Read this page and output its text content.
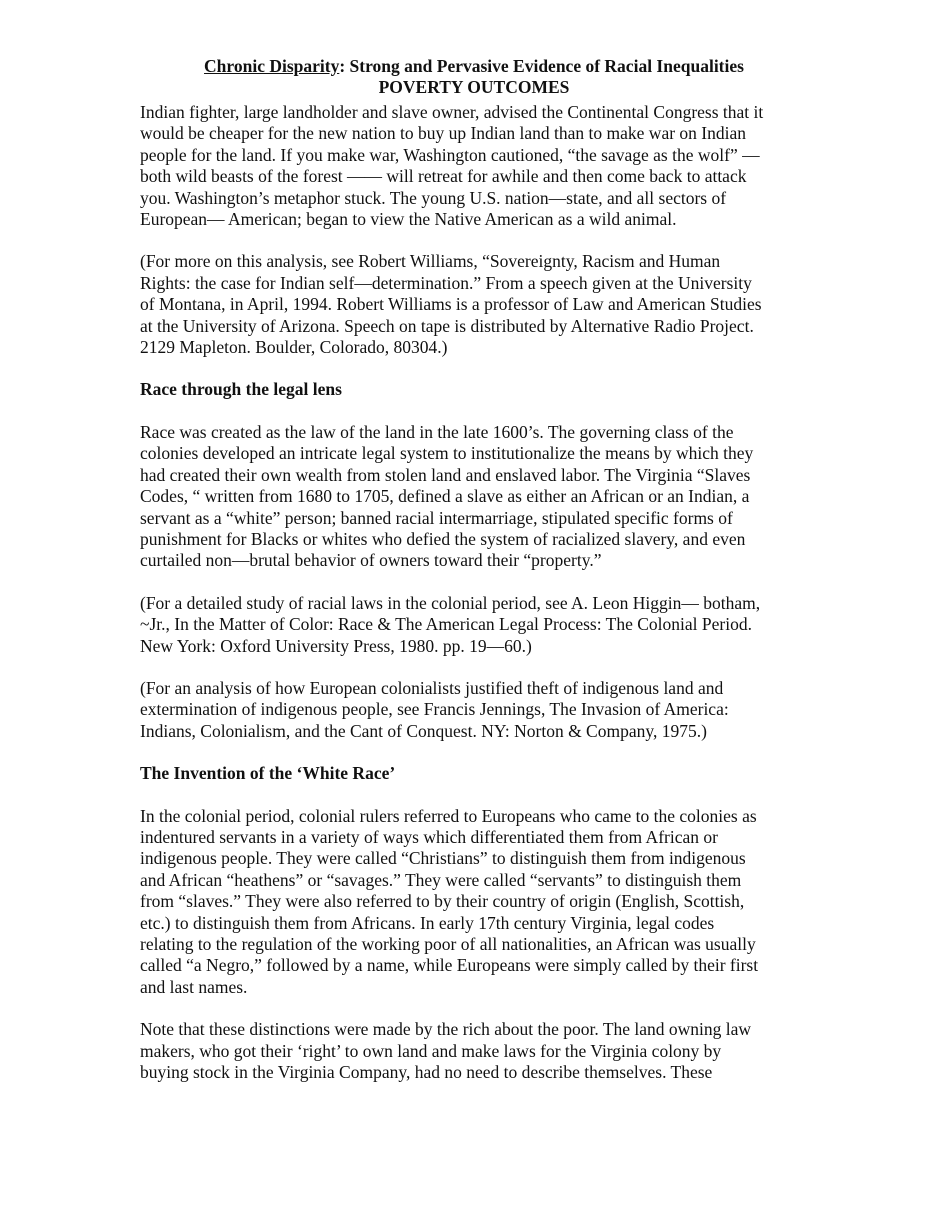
Chronic Disparity: Strong and Pervasive Evidence of Racial Inequalities
POVERTY OUTCOMES
Indian fighter, large landholder and slave owner, advised the Continental Congress that it
would be cheaper for the new nation to buy up Indian land than to make war on Indian
people for the land. If you make war, Washington cautioned, “the savage as the wolf” —
both wild beasts of the forest —— will retreat for awhile and then come back to attack
you. Washington’s metaphor stuck. The young U.S. nation—state, and all sectors of
European— American; began to view the Native American as a wild animal.
(For more on this analysis, see Robert Williams, “Sovereignty, Racism and Human
Rights: the case for Indian self—determination.” From a speech given at the University
of Montana, in April, 1994. Robert Williams is a professor of Law and American Studies
at the University of Arizona. Speech on tape is distributed by Alternative Radio Project.
2129 Mapleton. Boulder, Colorado, 80304.)
Race through the legal lens
Race was created as the law of the land in the late 1600’s. The governing class of the
colonies developed an intricate legal system to institutionalize the means by which they
had created their own wealth from stolen land and enslaved labor. The Virginia “Slaves
Codes, “ written from 1680 to 1705, defined a slave as either an African or an Indian, a
servant as a “white” person; banned racial intermarriage, stipulated specific forms of
punishment for Blacks or whites who defied the system of racialized slavery, and even
curtailed non—brutal behavior of owners toward their “property.”
(For a detailed study of racial laws in the colonial period, see A. Leon Higgin— botham,
~Jr., In the Matter of Color: Race & The American Legal Process: The Colonial Period.
New York: Oxford University Press, 1980. pp. 19—60.)
(For an analysis of how European colonialists justified theft of indigenous land and
extermination of indigenous people, see Francis Jennings, The Invasion of America:
Indians, Colonialism, and the Cant of Conquest. NY: Norton & Company, 1975.)
The Invention of the ‘White Race’
In the colonial period, colonial rulers referred to Europeans who came to the colonies as
indentured servants in a variety of ways which differentiated them from African or
indigenous people. They were called “Christians” to distinguish them from indigenous
and African “heathens” or “savages.” They were called “servants” to distinguish them
from “slaves.” They were also referred to by their country of origin (English, Scottish,
etc.) to distinguish them from Africans. In early 17th century Virginia, legal codes
relating to the regulation of the working poor of all nationalities, an African was usually
called “a Negro,” followed by a name, while Europeans were simply called by their first
and last names.
Note that these distinctions were made by the rich about the poor. The land owning law
makers, who got their ‘right’ to own land and make laws for the Virginia colony by
buying stock in the Virginia Company, had no need to describe themselves. These
